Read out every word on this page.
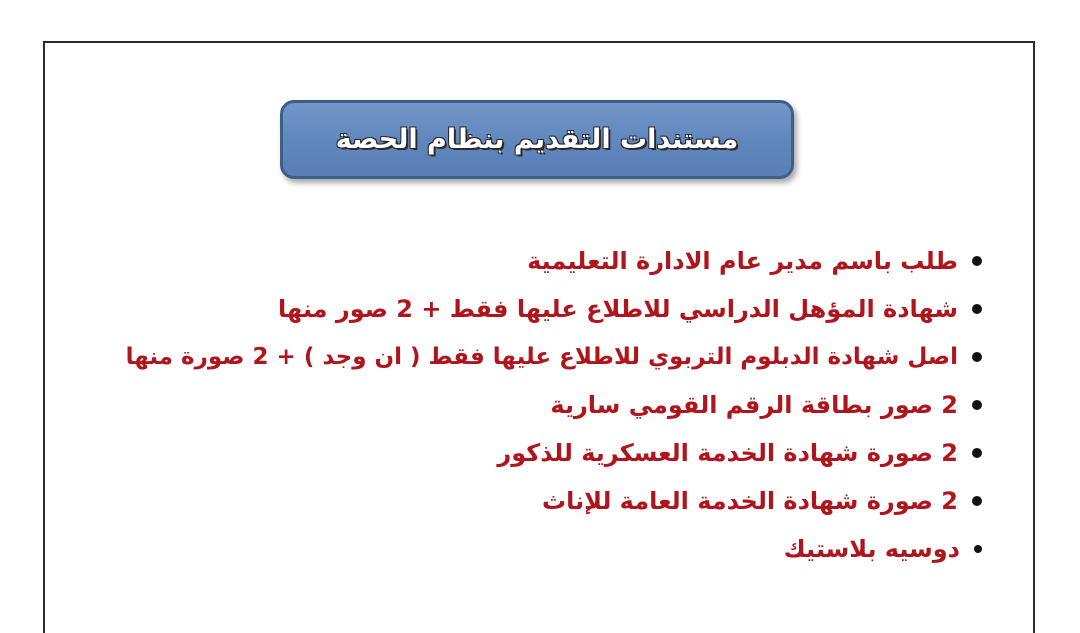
مستندات التقديم بنظام الحصة
طلب باسم مدير عام الادارة التعليمية
شهادة المؤهل الدراسي للاطلاع عليها فقط + 2 صور منها
اصل شهادة الدبلوم التربوي للاطلاع عليها فقط ( ان وجد ) + 2 صورة منها
2 صور بطاقة الرقم القومي سارية
2 صورة شهادة الخدمة العسكرية للذكور
2 صورة شهادة الخدمة العامة للإناث
دوسيه بلاستيك
